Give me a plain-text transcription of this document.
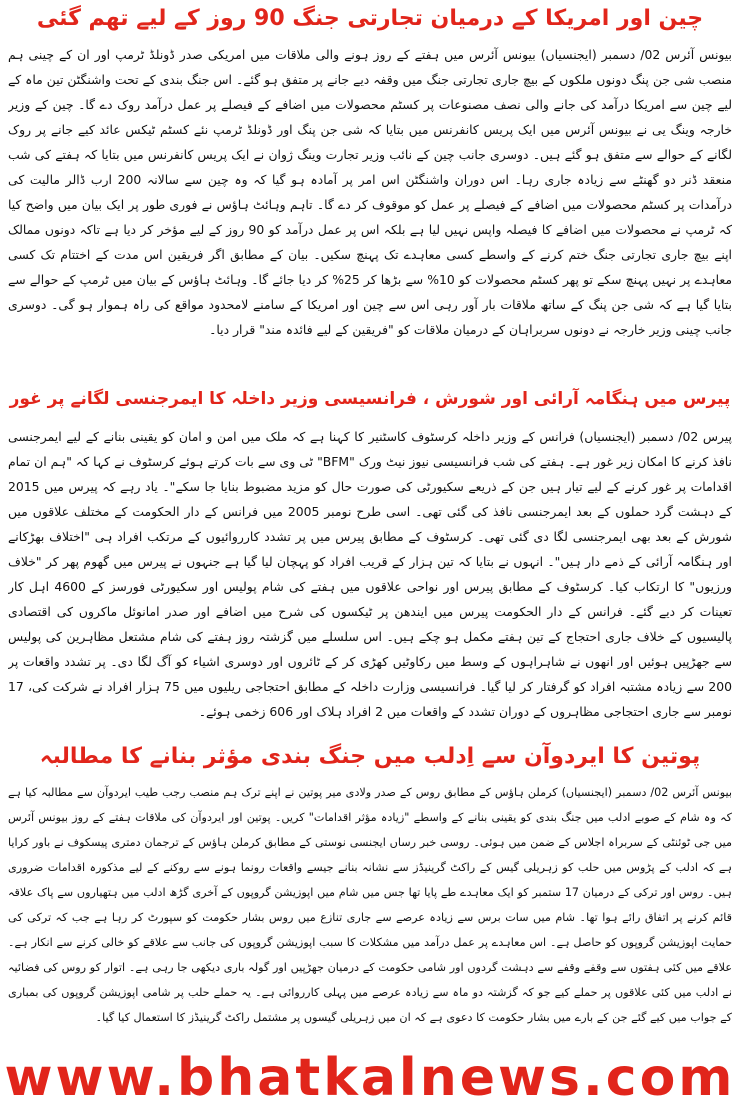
چین اور امریکا کے درمیان تجارتی جنگ 90 روز کے لیے تھم گئی

بیونس آئرس 02/ دسمبر (ایجنسیاں) بیونس آئرس میں ہفتے کے روز ہونے والی ملاقات میں امریکی صدر ڈونلڈ ٹرمپ اور ان کے چینی ہم منصب شی جن پنگ دونوں ملکوں کے بیچ جاری تجارتی جنگ میں وقفہ دیے جانے پر متفق ہو گئے۔ اس جنگ بندی کے تحت واشنگٹن تین ماہ کے لیے چین سے امریکا درآمد کی جانے والی نصف مصنوعات پر کسٹم محصولات میں اضافے کے فیصلے پر عمل درآمد روک دے گا۔ چین کے وزیر خارجہ وینگ یی نے بیونس آئرس میں ایک پریس کانفرنس میں بتایا کہ شی جن پنگ اور ڈونلڈ ٹرمپ نئے کسٹم ٹیکس عائد کیے جانے پر روک لگانے کے حوالے سے متفق ہو گئے ہیں۔ دوسری جانب چین کے نائب وزیر تجارت وینگ ژوان نے ایک پریس کانفرنس میں بتایا کہ ہفتے کی شب منعقد ڈنر دو گھنٹے سے زیادہ جاری رہا۔ اس دوران واشنگٹن اس امر پر آمادہ ہو گیا کہ وہ چین سے سالانہ 200 ارب ڈالر مالیت کی درآمدات پر کسٹم محصولات میں اضافے کے فیصلے پر عمل کو موقوف کر دے گا۔ تاہم وہائٹ ہاؤس نے فوری طور پر ایک بیان میں واضح کیا کہ ٹرمپ نے محصولات میں اضافے کا فیصلہ واپس نہیں لیا ہے بلکہ اس پر عمل درآمد کو 90 روز کے لیے مؤخر کر دیا ہے تاکہ دونوں ممالک اپنے بیچ جاری تجارتی جنگ ختم کرنے کے واسطے کسی معاہدے تک پہنچ سکیں۔ بیان کے مطابق اگر فریقین اس مدت کے اختتام تک کسی معاہدے پر نہیں پہنچ سکے تو پھر کسٹم محصولات کو 10% سے بڑھا کر 25% کر دیا جائے گا۔ وہائٹ ہاؤس کے بیان میں ٹرمپ کے حوالے سے بتایا گیا ہے کہ شی جن پنگ کے ساتھ ملاقات بار آور رہی اس سے چین اور امریکا کے سامنے لامحدود مواقع کی راہ ہموار ہو گی۔ دوسری جانب چینی وزیر خارجہ نے دونوں سربراہان کے درمیان ملاقات کو "فریقین کے لیے فائدہ مند" قرار دیا۔

پیرس میں ہنگامہ آرائی اور شورش ، فرانسیسی وزیر داخلہ کا ایمرجنسی لگانے پر غور

پیرس 02/ دسمبر (ایجنسیاں) فرانس کے وزیر داخلہ کرسٹوف کاسٹنیر کا کہنا ہے کہ ملک میں امن و امان کو یقینی بنانے کے لیے ایمرجنسی نافذ کرنے کا امکان زیر غور ہے۔ ہفتے کی شب فرانسیسی نیوز نیٹ ورک "BFM" ٹی وی سے بات کرتے ہوئے کرسٹوف نے کہا کہ "ہم ان تمام اقدامات پر غور کرنے کے لیے تیار ہیں جن کے ذریعے سکیورٹی کی صورت حال کو مزید مضبوط بنایا جا سکے"۔ یاد رہے کہ پیرس میں 2015 کے دہشت گرد حملوں کے بعد ایمرجنسی نافذ کی گئی تھی۔ اسی طرح نومبر 2005 میں فرانس کے دار الحکومت کے مختلف علاقوں میں شورش کے بعد بھی ایمرجنسی لگا دی گئی تھی۔ کرسٹوف کے مطابق پیرس میں پر تشدد کارروائیوں کے مرتکب افراد ہی "اختلاف بھڑکانے اور ہنگامہ آرائی کے ذمے دار ہیں"۔ انہوں نے بتایا کہ تین ہزار کے قریب افراد کو پہچان لیا گیا ہے جنہوں نے پیرس میں گھوم پھر کر "خلاف ورزیوں" کا ارتکاب کیا۔ کرسٹوف کے مطابق پیرس اور نواحی علاقوں میں ہفتے کی شام پولیس اور سکیورٹی فورسز کے 4600 اہل کار تعینات کر دیے گئے۔ فرانس کے دار الحکومت پیرس میں ایندھن پر ٹیکسوں کی شرح میں اضافے اور صدر امانوئل ماکروں کی اقتصادی پالیسیوں کے خلاف جاری احتجاج کے تین ہفتے مکمل ہو چکے ہیں۔ اس سلسلے میں گزشتہ روز ہفتے کی شام مشتعل مظاہرین کی پولیس سے جھڑپیں ہوئیں اور انھوں نے شاہراہوں کے وسط میں رکاوٹیں کھڑی کر کے ٹائروں اور دوسری اشیاء کو آگ لگا دی۔ پر تشدد واقعات پر 200 سے زیادہ مشتبہ افراد کو گرفتار کر لیا گیا۔ فرانسیسی وزارت داخلہ کے مطابق احتجاجی ریلیوں میں 75 ہزار افراد نے شرکت کی، 17 نومبر سے جاری احتجاجی مظاہروں کے دوران تشدد کے واقعات میں 2 افراد ہلاک اور 606 زخمی ہوئے۔

پوتین کا ایردوآن سے اِدلب میں جنگ بندی مؤثر بنانے کا مطالبہ

بیونس آئرس 02/ دسمبر (ایجنسیاں) کرملن ہاؤس کے مطابق روس کے صدر ولادی میر پوتین نے اپنے ترک ہم منصب رجب طیب ایردوآن سے مطالبہ کیا ہے کہ وہ شام کے صوبے ادلب میں جنگ بندی کو یقینی بنانے کے واسطے "زیادہ مؤثر اقدامات" کریں۔ پوتین اور ایردوآن کی ملاقات ہفتے کے روز بیونس آئرس میں جی ٹوئنٹی کے سربراہ اجلاس کے ضمن میں ہوئی۔ روسی خبر رساں ایجنسی نوستی کے مطابق کرملن ہاؤس کے ترجمان دمتری پیسکوف نے باور کرایا ہے کہ ادلب کے پڑوس میں حلب کو زہریلی گیس کے راکٹ گرینیڈز سے نشانہ بنانے جیسے واقعات رونما ہونے سے روکنے کے لیے مذکورہ اقدامات ضروری ہیں۔ روس اور ترکی کے درمیان 17 ستمبر کو ایک معاہدے طے پایا تھا جس میں شام میں اپوزیشن گروپوں کے آخری گڑھ ادلب میں ہتھیاروں سے پاک علاقہ قائم کرنے پر اتفاق رائے ہوا تھا۔ شام میں سات برس سے زیادہ عرصے سے جاری تنازع میں روس بشار حکومت کو سپورٹ کر رہا ہے جب کہ ترکی کی حمایت اپوزیشن گروپوں کو حاصل ہے۔ اس معاہدے پر عمل درآمد میں مشکلات کا سبب اپوزیشن گروپوں کی جانب سے علاقے کو خالی کرنے سے انکار ہے۔ علاقے میں کئی ہفتوں سے وقفے وقفے سے دہشت گردوں اور شامی حکومت کے درمیان جھڑپیں اور گولہ باری دیکھی جا رہی ہے۔ اتوار کو روس کی فضائیہ نے ادلب میں کئی علاقوں پر حملے کیے جو کہ گزشتہ دو ماہ سے زیادہ عرصے میں پہلی کارروائی ہے۔ یہ حملے حلب پر شامی اپوزیشن گروپوں کی بمباری کے جواب میں کیے گئے جن کے بارے میں بشار حکومت کا دعوی ہے کہ ان میں زہریلی گیسوں پر مشتمل راکٹ گرینیڈز کا استعمال کیا گیا۔

www.bhatkalnews.com
